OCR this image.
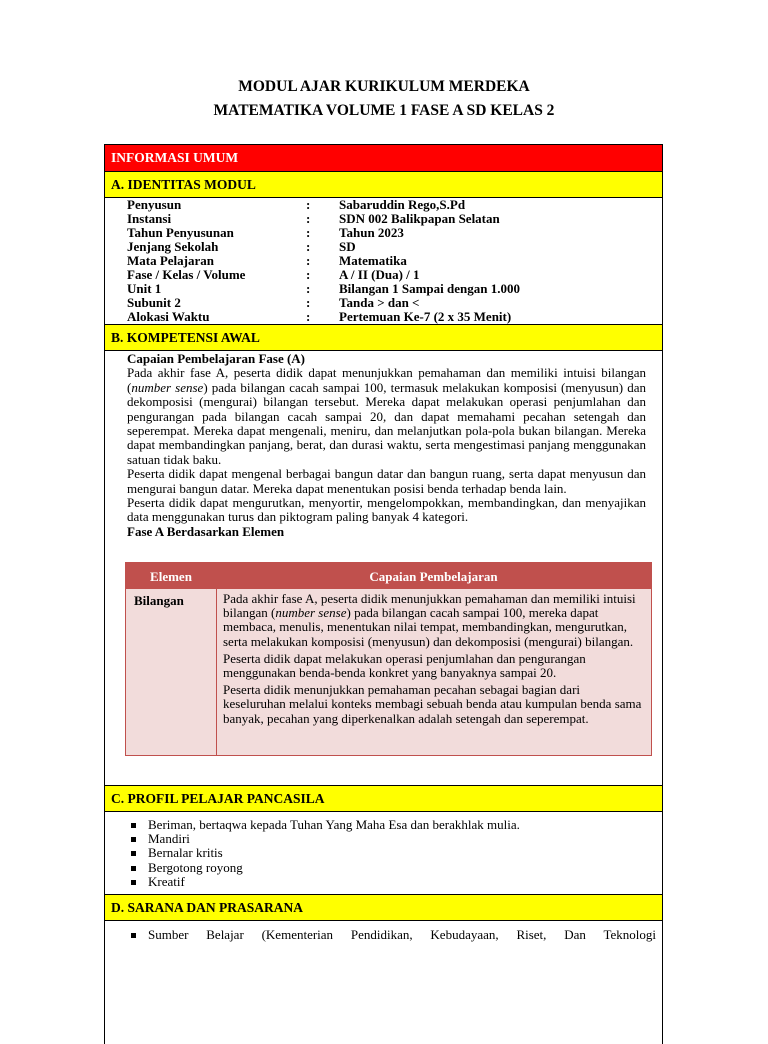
MODUL AJAR KURIKULUM MERDEKA
MATEMATIKA VOLUME 1 FASE A SD KELAS 2
INFORMASI UMUM
A. IDENTITAS MODUL
Penyusun	: Sabaruddin Rego,S.Pd
Instansi	: SDN 002 Balikpapan Selatan
Tahun Penyusunan	: Tahun 2023
Jenjang Sekolah	: SD
Mata Pelajaran	: Matematika
Fase / Kelas / Volume	: A / II (Dua) / 1
Unit 1	: Bilangan 1 Sampai dengan 1.000
Subunit 2	: Tanda > dan <
Alokasi Waktu	: Pertemuan Ke-7 (2 x 35 Menit)
B. KOMPETENSI AWAL
Capaian Pembelajaran Fase (A)
Pada akhir fase A, peserta didik dapat menunjukkan pemahaman dan memiliki intuisi bilangan (number sense) pada bilangan cacah sampai 100, termasuk melakukan komposisi (menyusun) dan dekomposisi (mengurai) bilangan tersebut. Mereka dapat melakukan operasi penjumlahan dan pengurangan pada bilangan cacah sampai 20, dan dapat memahami pecahan setengah dan seperempat. Mereka dapat mengenali, meniru, dan melanjutkan pola-pola bukan bilangan. Mereka dapat membandingkan panjang, berat, dan durasi waktu, serta mengestimasi panjang menggunakan satuan tidak baku.
Peserta didik dapat mengenal berbagai bangun datar dan bangun ruang, serta dapat menyusun dan mengurai bangun datar. Mereka dapat menentukan posisi benda terhadap benda lain.
Peserta didik dapat mengurutkan, menyortir, mengelompokkan, membandingkan, dan menyajikan data menggunakan turus dan piktogram paling banyak 4 kategori.
Fase A Berdasarkan Elemen
Elemen	Capaian Pembelajaran
Bilangan	Pada akhir fase A, peserta didik menunjukkan pemahaman dan memiliki intuisi bilangan (number sense) pada bilangan cacah sampai 100, mereka dapat membaca, menulis, menentukan nilai tempat, membandingkan, mengurutkan, serta melakukan komposisi (menyusun) dan dekomposisi (mengurai) bilangan.

Peserta didik dapat melakukan operasi penjumlahan dan pengurangan menggunakan benda-benda konkret yang banyaknya sampai 20.

Peserta didik menunjukkan pemahaman pecahan sebagai bagian dari keseluruhan melalui konteks membagi sebuah benda atau kumpulan benda sama banyak, pecahan yang diperkenalkan adalah setengah dan seperempat.

C. PROFIL PELAJAR PANCASILA
Beriman, bertaqwa kepada Tuhan Yang Maha Esa dan berakhlak mulia.
Mandiri
Bernalar kritis
Bergotong royong
Kreatif
D. SARANA DAN PRASARANA
Sumber Belajar (Kementerian Pendidikan, Kebudayaan, Riset, Dan Teknologi
